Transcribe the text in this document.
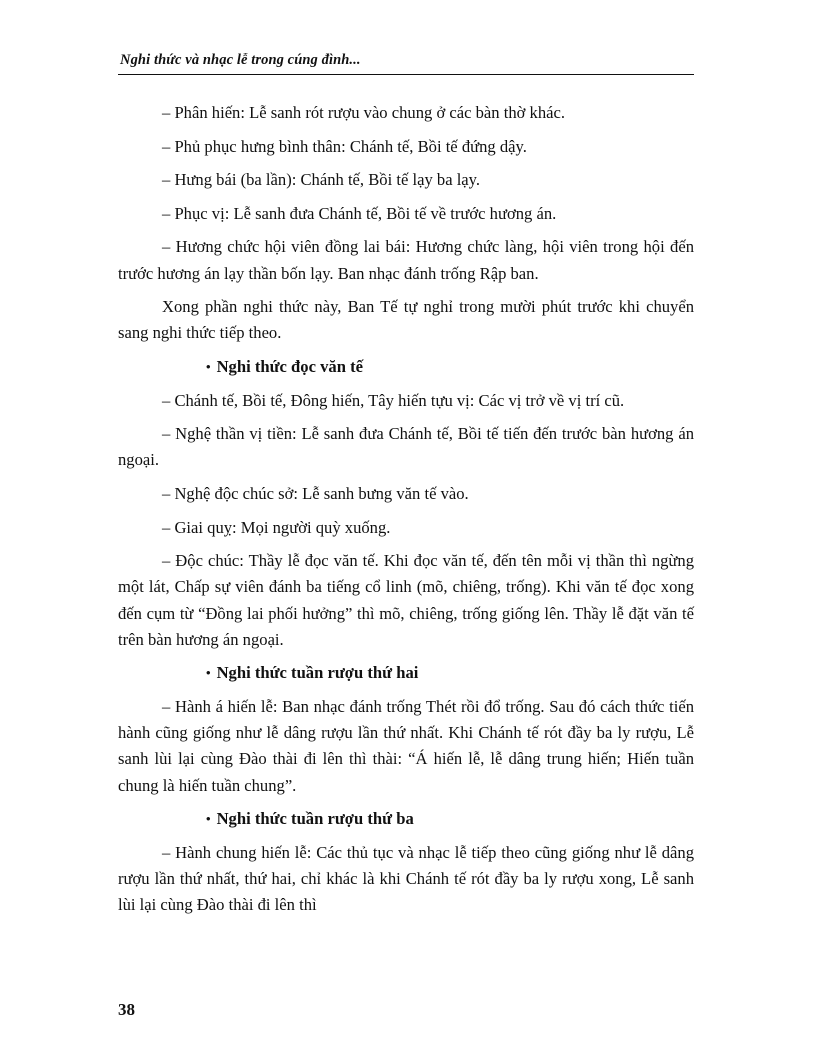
Nghi thức và nhạc lễ trong cúng đình...

– Phân hiến: Lễ sanh rót rượu vào chung ở các bàn thờ khác.

– Phủ phục hưng bình thân: Chánh tế, Bồi tế đứng dậy.

– Hưng bái (ba lần): Chánh tế, Bồi tế lạy ba lạy.

– Phục vị: Lễ sanh đưa Chánh tế, Bồi tế về trước hương án.

– Hương chức hội viên đồng lai bái: Hương chức làng, hội viên trong hội đến trước hương án lạy thần bốn lạy. Ban nhạc đánh trống Rập ban.

Xong phần nghi thức này, Ban Tế tự nghỉ trong mười phút trước khi chuyển sang nghi thức tiếp theo.

• Nghi thức đọc văn tế

– Chánh tế, Bồi tế, Đông hiến, Tây hiến tựu vị: Các vị trở về vị trí cũ.

– Nghệ thần vị tiền: Lễ sanh đưa Chánh tế, Bồi tế tiến đến trước bàn hương án ngoại.

– Nghệ độc chúc sở: Lễ sanh bưng văn tế vào.

– Giai quỵ: Mọi người quỳ xuống.

– Độc chúc: Thầy lễ đọc văn tế. Khi đọc văn tế, đến tên mỗi vị thần thì ngừng một lát, Chấp sự viên đánh ba tiếng cổ linh (mõ, chiêng, trống). Khi văn tế đọc xong đến cụm từ “Đồng lai phối hưởng” thì mõ, chiêng, trống giống lên. Thầy lễ đặt văn tế trên bàn hương án ngoại.

• Nghi thức tuần rượu thứ hai

– Hành á hiến lễ: Ban nhạc đánh trống Thét rồi đổ trống. Sau đó cách thức tiến hành cũng giống như lễ dâng rượu lần thứ nhất. Khi Chánh tế rót đầy ba ly rượu, Lễ sanh lùi lại cùng Đào thài đi lên thì thài: “Á hiến lễ, lễ dâng trung hiến; Hiến tuần chung là hiến tuần chung”.

• Nghi thức tuần rượu thứ ba

– Hành chung hiến lễ: Các thủ tục và nhạc lễ tiếp theo cũng giống như lễ dâng rượu lần thứ nhất, thứ hai, chỉ khác là khi Chánh tế rót đầy ba ly rượu xong, Lễ sanh lùi lại cùng Đào thài đi lên thì

38
